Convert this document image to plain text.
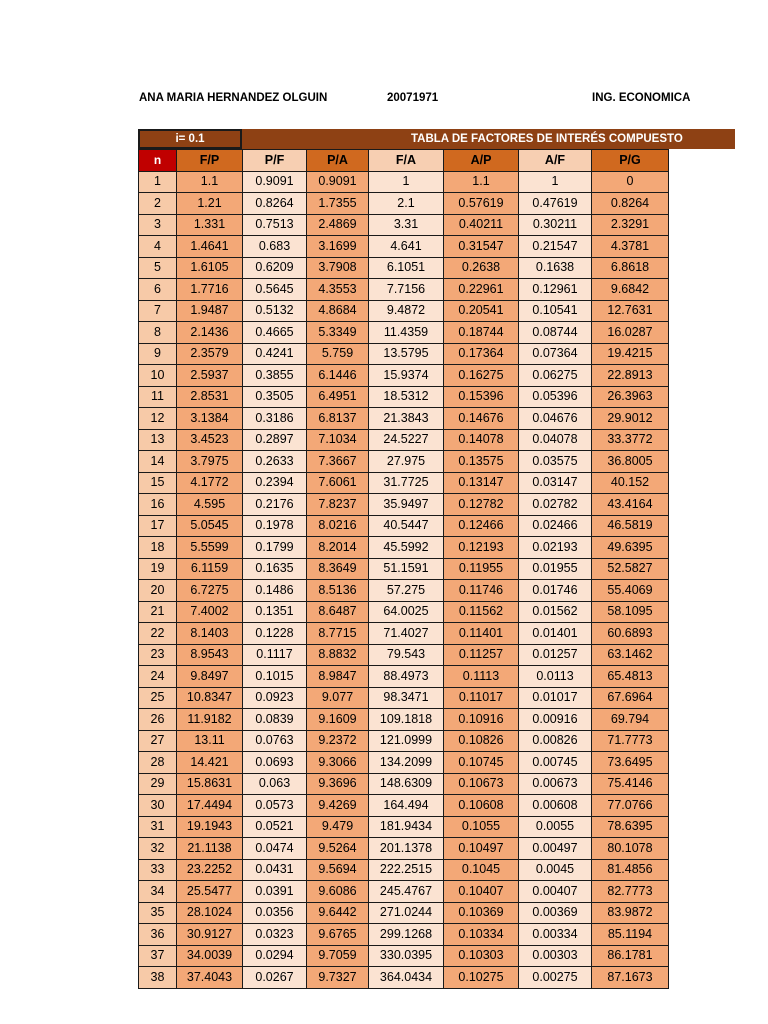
ANA MARIA HERNANDEZ OLGUIN	20071971	ING. ECONOMICA
i= 0.1	TABLA DE FACTORES DE INTERÉS COMPUESTO
n	F/P	P/F	P/A	F/A	A/P	A/F	P/G
1	1.1	0.9091	0.9091	1	1.1	1	0
2	1.21	0.8264	1.7355	2.1	0.57619	0.47619	0.8264
3	1.331	0.7513	2.4869	3.31	0.40211	0.30211	2.3291
4	1.4641	0.683	3.1699	4.641	0.31547	0.21547	4.3781
5	1.6105	0.6209	3.7908	6.1051	0.2638	0.1638	6.8618
6	1.7716	0.5645	4.3553	7.7156	0.22961	0.12961	9.6842
7	1.9487	0.5132	4.8684	9.4872	0.20541	0.10541	12.7631
8	2.1436	0.4665	5.3349	11.4359	0.18744	0.08744	16.0287
9	2.3579	0.4241	5.759	13.5795	0.17364	0.07364	19.4215
10	2.5937	0.3855	6.1446	15.9374	0.16275	0.06275	22.8913
11	2.8531	0.3505	6.4951	18.5312	0.15396	0.05396	26.3963
12	3.1384	0.3186	6.8137	21.3843	0.14676	0.04676	29.9012
13	3.4523	0.2897	7.1034	24.5227	0.14078	0.04078	33.3772
14	3.7975	0.2633	7.3667	27.975	0.13575	0.03575	36.8005
15	4.1772	0.2394	7.6061	31.7725	0.13147	0.03147	40.152
16	4.595	0.2176	7.8237	35.9497	0.12782	0.02782	43.4164
17	5.0545	0.1978	8.0216	40.5447	0.12466	0.02466	46.5819
18	5.5599	0.1799	8.2014	45.5992	0.12193	0.02193	49.6395
19	6.1159	0.1635	8.3649	51.1591	0.11955	0.01955	52.5827
20	6.7275	0.1486	8.5136	57.275	0.11746	0.01746	55.4069
21	7.4002	0.1351	8.6487	64.0025	0.11562	0.01562	58.1095
22	8.1403	0.1228	8.7715	71.4027	0.11401	0.01401	60.6893
23	8.9543	0.1117	8.8832	79.543	0.11257	0.01257	63.1462
24	9.8497	0.1015	8.9847	88.4973	0.1113	0.0113	65.4813
25	10.8347	0.0923	9.077	98.3471	0.11017	0.01017	67.6964
26	11.9182	0.0839	9.1609	109.1818	0.10916	0.00916	69.794
27	13.11	0.0763	9.2372	121.0999	0.10826	0.00826	71.7773
28	14.421	0.0693	9.3066	134.2099	0.10745	0.00745	73.6495
29	15.8631	0.063	9.3696	148.6309	0.10673	0.00673	75.4146
30	17.4494	0.0573	9.4269	164.494	0.10608	0.00608	77.0766
31	19.1943	0.0521	9.479	181.9434	0.1055	0.0055	78.6395
32	21.1138	0.0474	9.5264	201.1378	0.10497	0.00497	80.1078
33	23.2252	0.0431	9.5694	222.2515	0.1045	0.0045	81.4856
34	25.5477	0.0391	9.6086	245.4767	0.10407	0.00407	82.7773
35	28.1024	0.0356	9.6442	271.0244	0.10369	0.00369	83.9872
36	30.9127	0.0323	9.6765	299.1268	0.10334	0.00334	85.1194
37	34.0039	0.0294	9.7059	330.0395	0.10303	0.00303	86.1781
38	37.4043	0.0267	9.7327	364.0434	0.10275	0.00275	87.1673
